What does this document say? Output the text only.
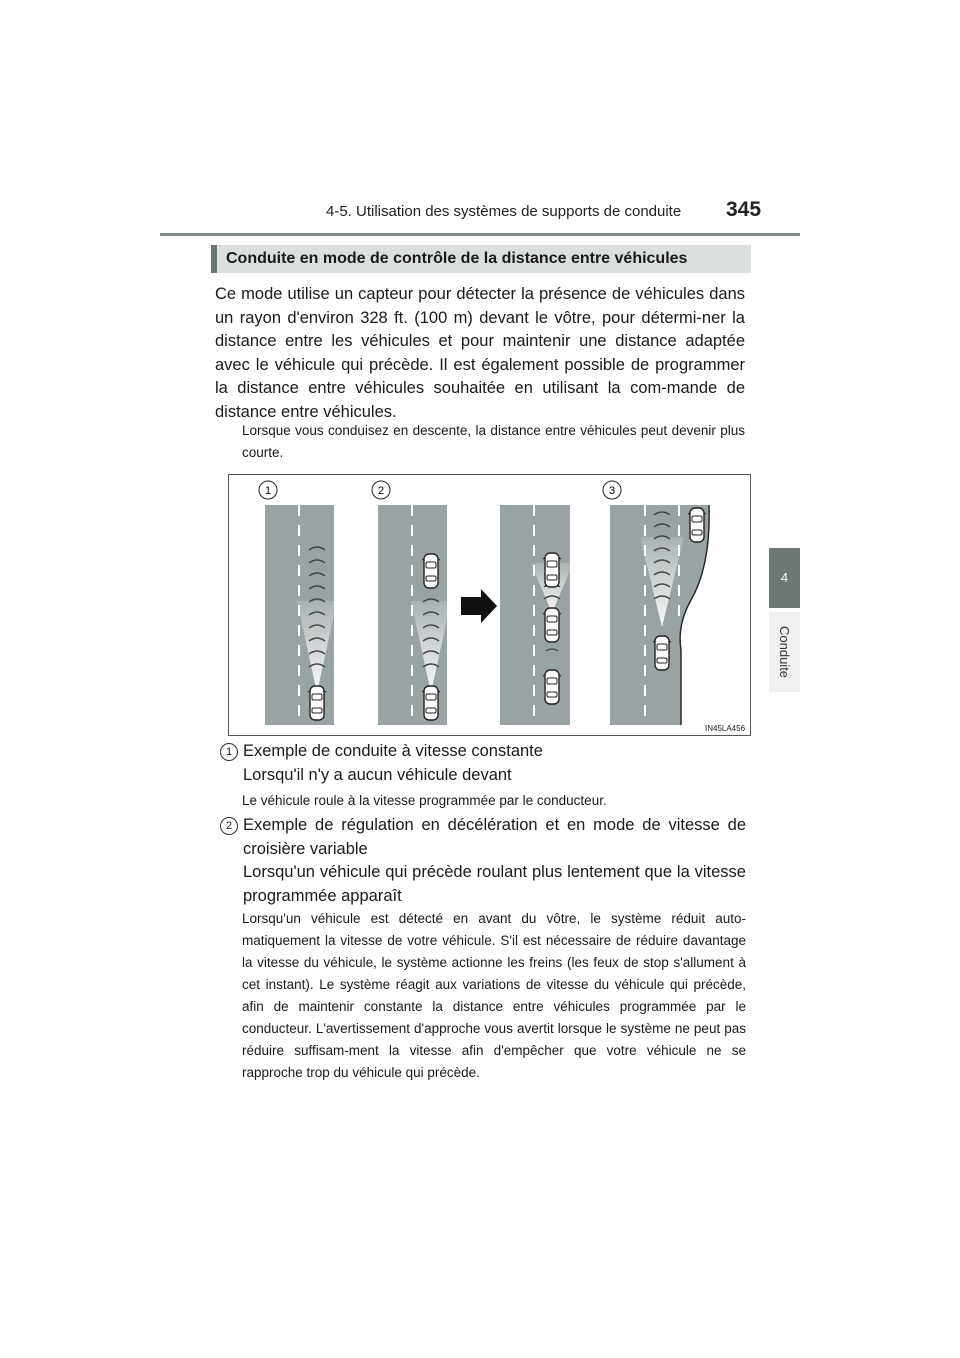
4-5. Utilisation des systèmes de supports de conduite 345
4
Conduite
Conduite en mode de contrôle de la distance entre véhicules
Ce mode utilise un capteur pour détecter la présence de véhicules dans un rayon d'environ 328 ft. (100 m) devant le vôtre, pour détermi-ner la distance entre les véhicules et pour maintenir une distance adaptée avec le véhicule qui précède. Il est également possible de programmer la distance entre véhicules souhaitée en utilisant la com-mande de distance entre véhicules.
Lorsque vous conduisez en descente, la distance entre véhicules peut devenir plus courte.
1	2	3
IN45LA456
1 Exemple de conduite à vitesse constante
Lorsqu'il n'y a aucun véhicule devant
Le véhicule roule à la vitesse programmée par le conducteur.
2 Exemple de régulation en décélération et en mode de vitesse de croisière variable
Lorsqu'un véhicule qui précède roulant plus lentement que la vitesse programmée apparaît
Lorsqu'un véhicule est détecté en avant du vôtre, le système réduit auto-matiquement la vitesse de votre véhicule. S'il est nécessaire de réduire davantage la vitesse du véhicule, le système actionne les freins (les feux de stop s'allument à cet instant). Le système réagit aux variations de vitesse du véhicule qui précède, afin de maintenir constante la distance entre véhicules programmée par le conducteur. L'avertissement d'approche vous avertit lorsque le système ne peut pas réduire suffisam-ment la vitesse afin d'empêcher que votre véhicule ne se rapproche trop du véhicule qui précède.
